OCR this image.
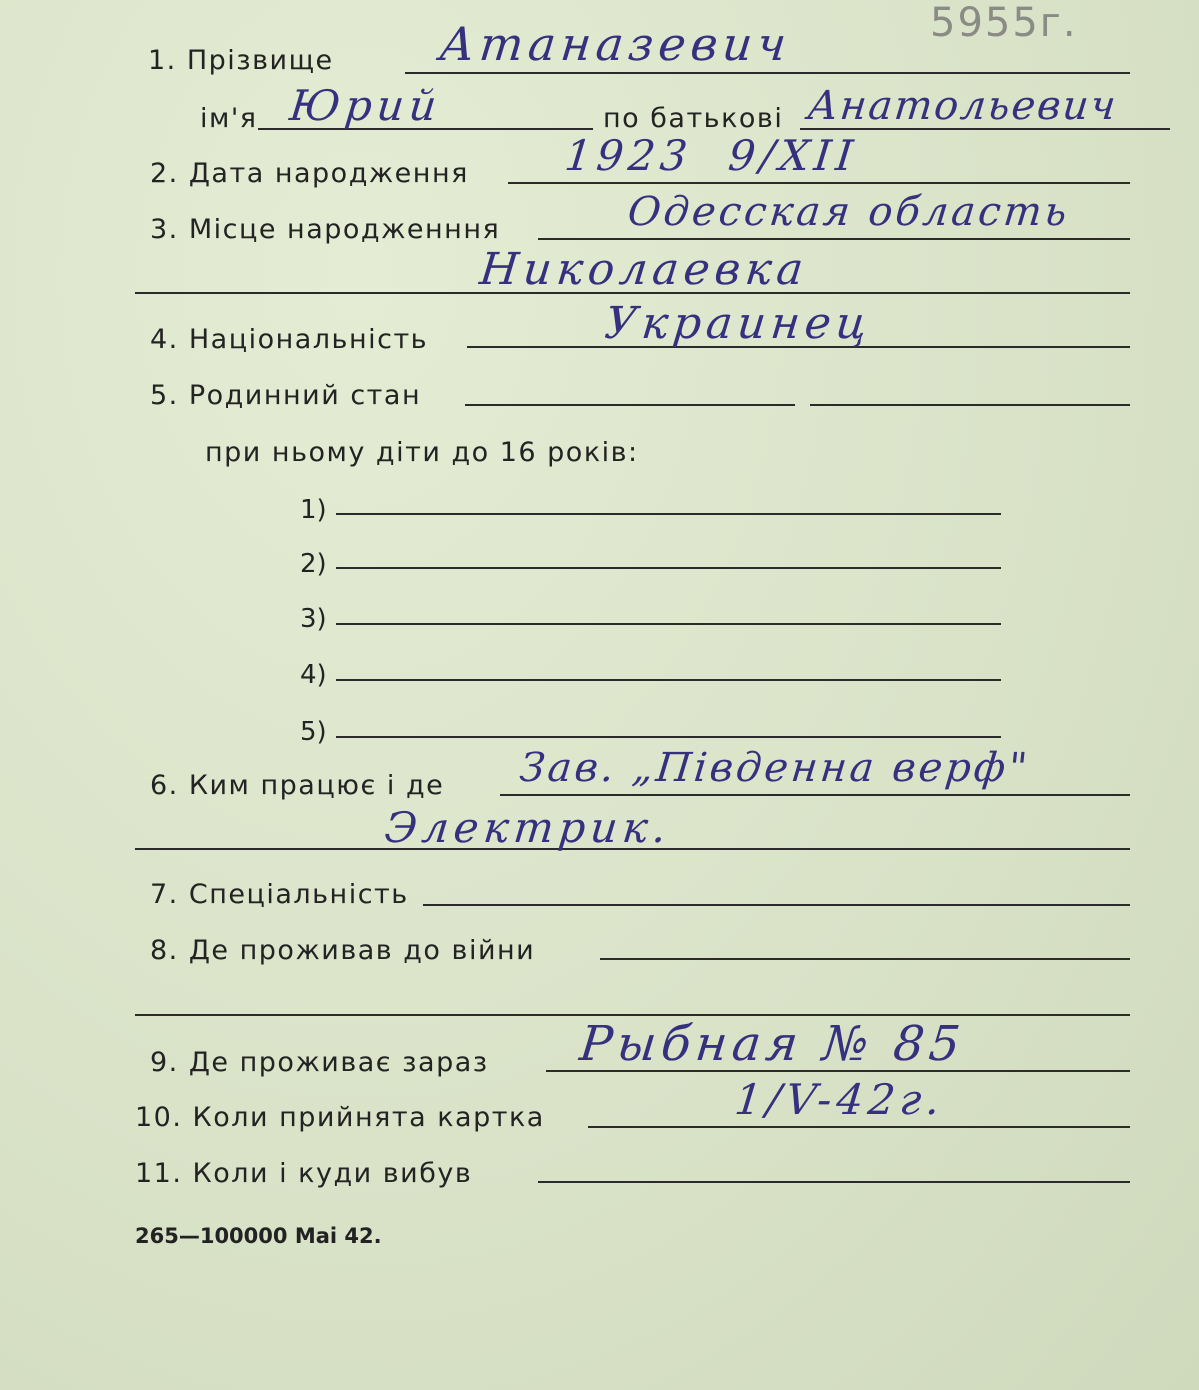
5955г.
1. Прізвище Атаназевич
ім'я Юрий	по батькові Анатольевич
2. Дата народження 1923  9/XII
3. Місце народженння	Одесская область
Николаевка
4. Національність	Украинец
5. Родинний стан
при ньому діти до 16 років:
1)
2)
3)
4)
5)
6. Ким працює і де Зав. „Південна верф"
Электрик.
7. Спеціальність
8. Де проживав до війни
9. Де проживає зараз Рыбная № 85
10. Коли прийнята картка	1/V-42г.
11. Коли і куди вибув
265—100000 Маі 42.
